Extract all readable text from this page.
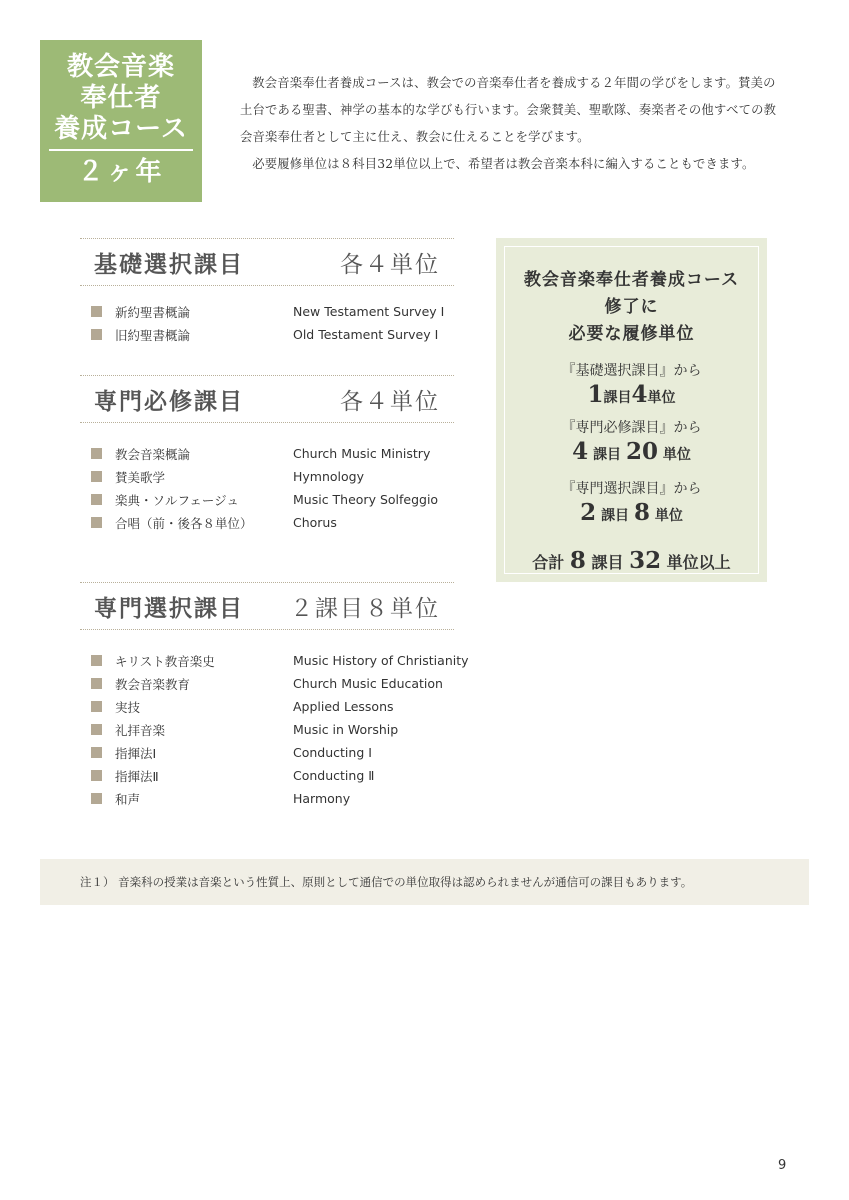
教会音楽
奉仕者
養成コース
２ヶ年

教会音楽奉仕者養成コースは、教会での音楽奉仕者を養成する２年間の学びをします。賛美の土台である聖書、神学の基本的な学びも行います。会衆賛美、聖歌隊、奏楽者その他すべての教会音楽奉仕者として主に仕え、教会に仕えることを学びます。

必要履修単位は８科目32単位以上で、希望者は教会音楽本科に編入することもできます。

基礎選択課目	各４単位
新約聖書概論	New Testament Survey Ⅰ
旧約聖書概論	Old Testament Survey Ⅰ
専門必修課目	各４単位
教会音楽概論	Church Music Ministry
賛美歌学	Hymnology
楽典・ソルフェージュ	Music Theory Solfeggio
合唱（前・後各８単位）	Chorus
専門選択課目 ２課目８単位
キリスト教音楽史	Music History of Christianity
教会音楽教育	Church Music Education
実技	Applied Lessons
礼拝音楽	Music in Worship
指揮法Ⅰ	Conducting Ⅰ
指揮法Ⅱ	Conducting Ⅱ
和声	Harmony
教会音楽奉仕者養成コース
修了に
必要な履修単位
『基礎選択課目』から
1課目4単位
『専門必修課目』から
4 課目 20 単位
『専門選択課目』から
2 課目 8 単位
合計 8 課目 32 単位以上
注１） 音楽科の授業は音楽という性質上、原則として通信での単位取得は認められませんが通信可の課目もあります。
9
